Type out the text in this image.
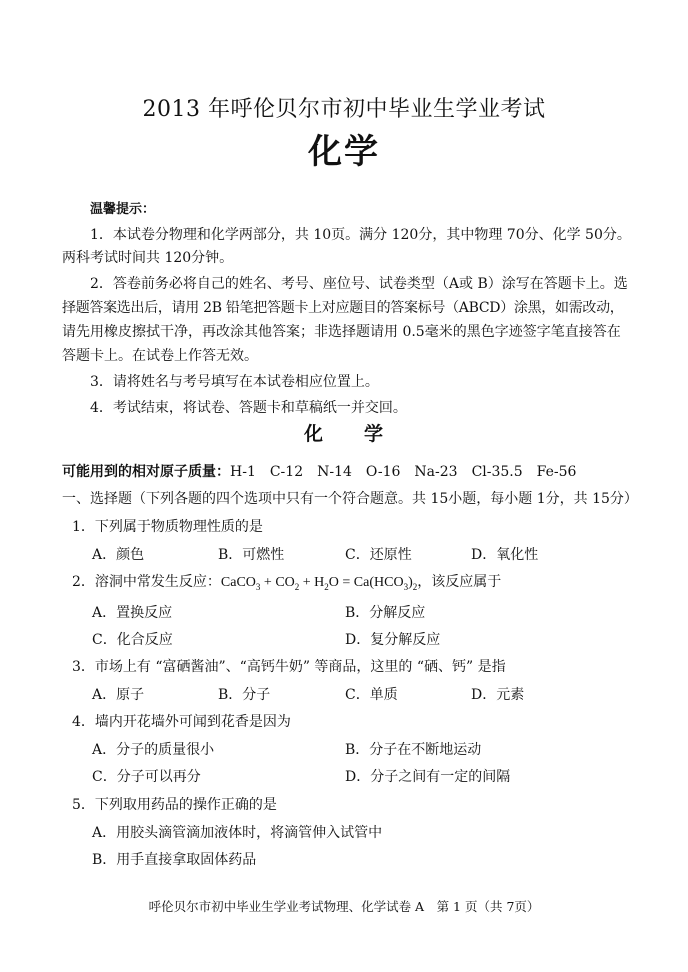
2013 年呼伦贝尔市初中毕业生学业考试
化学
温馨提示：
1．本试卷分物理和化学两部分，共 10页。满分 120分，其中物理 70分、化学 50分。
两科考试时间共 120分钟。
2．答卷前务必将自己的姓名、考号、座位号、试卷类型（A或 B）涂写在答题卡上。选
择题答案选出后，请用 2B 铅笔把答题卡上对应题目的答案标号（ABCD）涂黑，如需改动，
请先用橡皮擦拭干净，再改涂其他答案；非选择题请用 0.5毫米的黑色字迹签字笔直接答在
答题卡上。在试卷上作答无效。
3．请将姓名与考号填写在本试卷相应位置上。
4．考试结束，将试卷、答题卡和草稿纸一并交回。
化　　学
可能用到的相对原子质量：H-1　C-12　N-14　O-16　Na-23　Cl-35.5　Fe-56
一、选择题（下列各题的四个选项中只有一个符合题意。共 15小题，每小题 1分，共 15分）
1．下列属于物质物理性质的是
A．颜色	B．可燃性	C．还原性	D．氧化性
2．溶洞中常发生反应：CaCO$_3$ + $CO_2 + H_2O = Ca(HCO_3)_2$，该反应属于
A．置换反应	B．分解反应
C．化合反应	D．复分解反应
3．市场上有 “富硒酱油”、“高钙牛奶” 等商品，这里的 “硒、钙” 是指
A．原子	B．分子	C．单质	D．元素
4．墙内开花墙外可闻到花香是因为
A．分子的质量很小	B．分子在不断地运动
C．分子可以再分	D．分子之间有一定的间隔
5．下列取用药品的操作正确的是
A．用胶头滴管滴加液体时，将滴管伸入试管中
B．用手直接拿取固体药品
呼伦贝尔市初中毕业生学业考试物理、化学试卷 A　第 1 页（共 7页）
